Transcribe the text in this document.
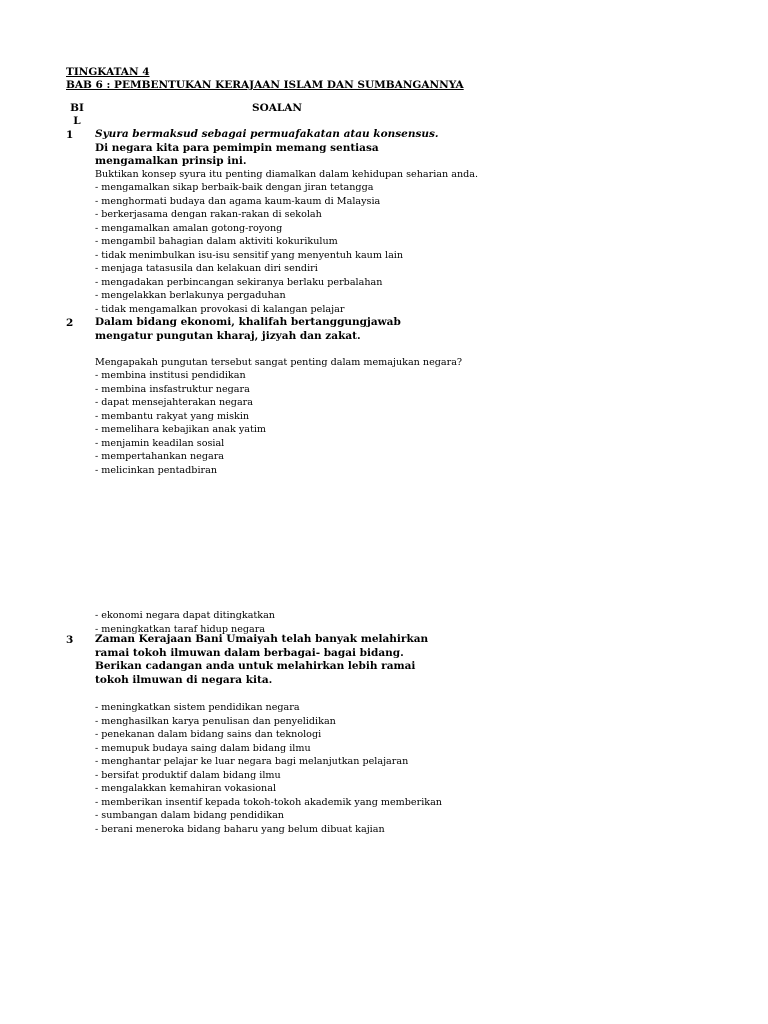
TINGKATAN 4
BAB 6 : PEMBENTUKAN KERAJAAN ISLAM DAN SUMBANGANNYA
BI
L
SOALAN
1 Syura bermaksud sebagai permuafakatan atau konsensus. Di negara kita para pemimpin memang sentiasa mengamalkan prinsip ini.
Buktikan konsep syura itu penting diamalkan dalam kehidupan seharian anda.
- mengamalkan sikap berbaik-baik dengan jiran tetangga
- menghormati budaya dan agama kaum-kaum di Malaysia
- berkerjasama dengan rakan-rakan di sekolah
- mengamalkan amalan gotong-royong
- mengambil bahagian dalam aktiviti kokurikulum
- tidak menimbulkan isu-isu sensitif yang menyentuh kaum lain
- menjaga tatasusila dan kelakuan diri sendiri
- mengadakan perbincangan sekiranya berlaku perbalahan
- mengelakkan berlakunya pergaduhan
- tidak mengamalkan provokasi di kalangan pelajar
2 Dalam bidang ekonomi, khalifah bertanggungjawab mengatur pungutan kharaj, jizyah dan zakat.
Mengapakah pungutan tersebut sangat penting dalam memajukan negara?
- membina institusi pendidikan
- membina insfastruktur negara
- dapat mensejahterakan negara
- membantu rakyat yang miskin
- memelihara kebajikan anak yatim
- menjamin keadilan sosial
- mempertahankan negara
- melicinkan pentadbiran
- ekonomi negara dapat ditingkatkan
- meningkatkan taraf hidup negara
3 Zaman Kerajaan Bani Umaiyah telah banyak melahirkan ramai tokoh ilmuwan dalam berbagai- bagai bidang.
Berikan cadangan anda untuk melahirkan lebih ramai tokoh ilmuwan di negara kita.
- meningkatkan sistem pendidikan negara
- menghasilkan karya penulisan dan penyelidikan
- penekanan dalam bidang sains dan teknologi
- memupuk budaya saing dalam bidang ilmu
- menghantar pelajar ke luar negara bagi melanjutkan pelajaran
- bersifat produktif dalam bidang ilmu
- mengalakkan kemahiran vokasional
- memberikan insentif kepada tokoh-tokoh akademik yang memberikan
- sumbangan dalam bidang pendidikan
- berani meneroka bidang baharu yang belum dibuat kajian
